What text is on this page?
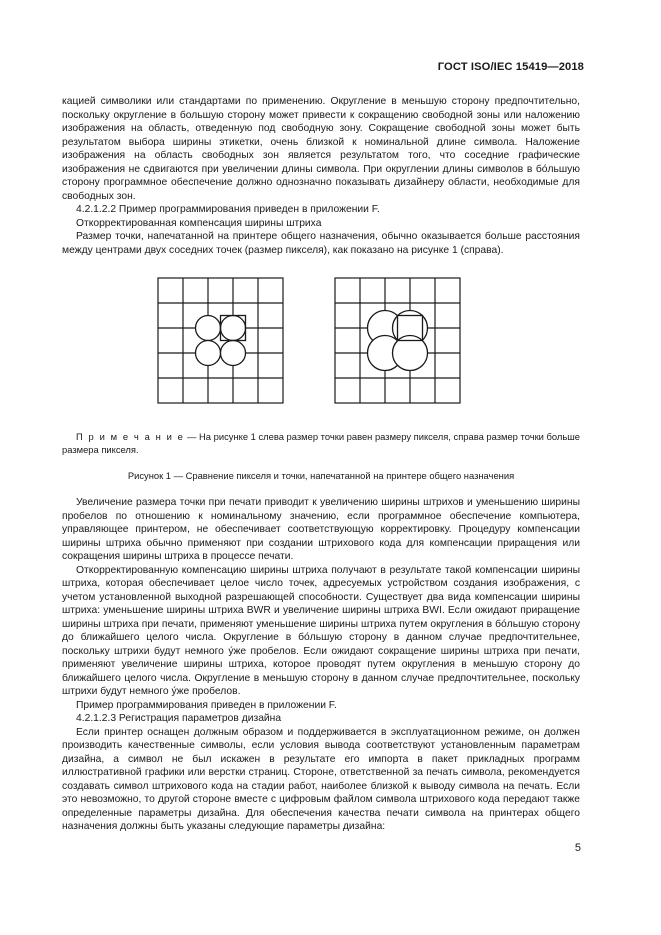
ГОСТ ISO/IEC 15419—2018

кацией символики или стандартами по применению. Округление в меньшую сторону предпочтительно, поскольку округление в большую сторону может привести к сокращению свободной зоны или наложению изображения на область, отведенную под свободную зону. Сокращение свободной зоны может быть результатом выбора ширины этикетки, очень близкой к номинальной длине символа. Наложение изображения на область свободных зон является результатом того, что соседние графические изображения не сдвигаются при увеличении длины символа. При округлении длины символов в бо́льшую сторону программное обеспечение должно однозначно показывать дизайнеру области, необходимые для свободных зон.

4.2.1.2.2 Пример программирования приведен в приложении F.

Откорректированная компенсация ширины штриха

Размер точки, напечатанной на принтере общего назначения, обычно оказывается больше расстояния между центрами двух соседних точек (размер пикселя), как показано на рисунке 1 (справа).

П р и м е ч а н и е — На рисунке 1 слева размер точки равен размеру пикселя, справа размер точки больше размера пикселя.

Рисунок 1 — Сравнение пикселя и точки, напечатанной на принтере общего назначения

Увеличение размера точки при печати приводит к увеличению ширины штрихов и уменьшению ширины пробелов по отношению к номинальному значению, если программное обеспечение компьютера, управляющее принтером, не обеспечивает соответствующую корректировку. Процедуру компенсации ширины штриха обычно применяют при создании штрихового кода для компенсации приращения или сокращения ширины штриха в процессе печати.

Откорректированную компенсацию ширины штриха получают в результате такой компенсации ширины штриха, которая обеспечивает целое число точек, адресуемых устройством создания изображения, с учетом установленной выходной разрешающей способности. Существует два вида компенсации ширины штриха: уменьшение ширины штриха BWR и увеличение ширины штриха BWI. Если ожидают приращение ширины штриха при печати, применяют уменьшение ширины штриха путем округления в бо́льшую сторону до ближайшего целого числа. Округление в бо́льшую сторону в данном случае предпочтительнее, поскольку штрихи будут немного у́же пробелов. Если ожидают сокращение ширины штриха при печати, применяют увеличение ширины штриха, которое проводят путем округления в меньшую сторону до ближайшего целого числа. Округление в меньшую сторону в данном случае предпочтительнее, поскольку штрихи будут немного у́же пробелов.

Пример программирования приведен в приложении F.

4.2.1.2.3 Регистрация параметров дизайна

Если принтер оснащен должным образом и поддерживается в эксплуатационном режиме, он должен производить качественные символы, если условия вывода соответствуют установленным параметрам дизайна, а символ не был искажен в результате его импорта в пакет прикладных программ иллюстративной графики или верстки страниц. Стороне, ответственной за печать символа, рекомендуется создавать символ штрихового кода на стадии работ, наиболее близкой к выводу символа на печать. Если это невозможно, то другой стороне вместе с цифровым файлом символа штрихового кода передают также определенные параметры дизайна. Для обеспечения качества печати символа на принтерах общего назначения должны быть указаны следующие параметры дизайна:

5
